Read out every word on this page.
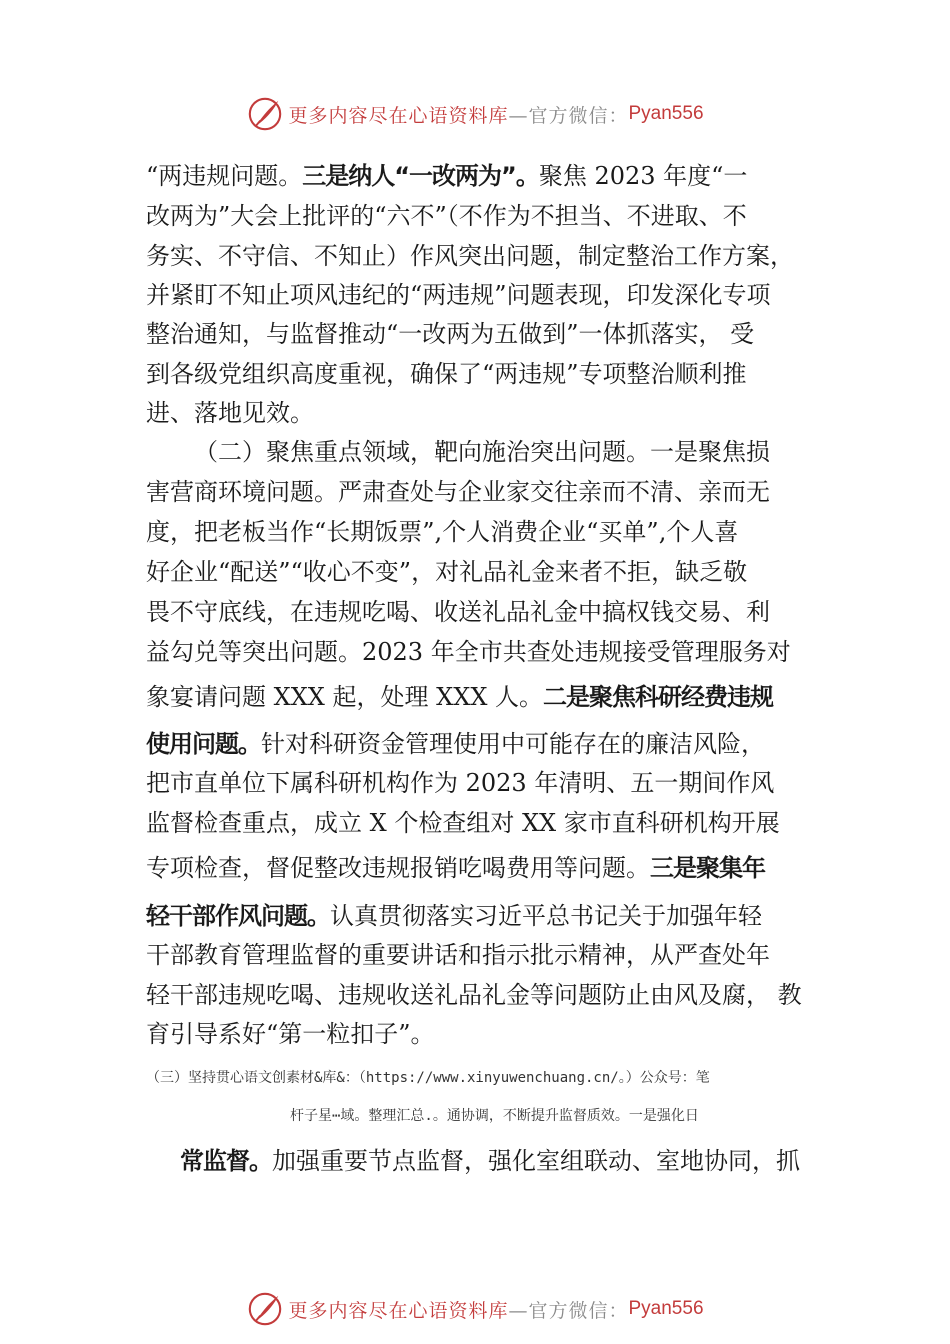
更多内容尽在心语资料库 —官方微信： Pyan556
“两违规问题。三是纳人“一改两为”。聚焦 2023 年度“一
改两为”大会上批评的“六不”（不作为不担当、不进取、不
务实、不守信、不知止）作风突出问题，制定整治工作方案，
并紧盯不知止项风违纪的“两违规”问题表现，印发深化专项
整治通知，与监督推动“一改两为五做到”一体抓落实， 受
到各级党组织高度重视，确保了“两违规”专项整治顺利推
进、落地见效。
（二）聚焦重点领域，靶向施治突出问题。一是聚焦损
害营商环境问题。严肃查处与企业家交往亲而不清、亲而无
度，把老板当作“长期饭票”,个人消费企业“买单”,个人喜
好企业“配送”“收心不变”，对礼品礼金来者不拒，缺乏敬
畏不守底线，在违规吃喝、收送礼品礼金中搞权钱交易、利
益勾兑等突出问题。2023 年全市共查处违规接受管理服务对
象宴请问题 XXX 起，处理 XXX 人。二是聚焦科研经费违规
使用问题。针对科研资金管理使用中可能存在的廉洁风险，
把市直单位下属科研机构作为 2023 年清明、五一期间作风
监督检查重点，成立 X 个检查组对 XX 家市直科研机构开展
专项检查，督促整改违规报销吃喝费用等问题。三是聚集年
轻干部作风问题。认真贯彻落实习近平总书记关于加强年轻
干部教育管理监督的重要讲话和指示批示精神，从严查处年
轻干部违规吃喝、违规收送礼品礼金等问题防止由风及腐， 教
育引导系好“第一粒扣子”。
（三）坚持贯心语文创素材&库&：（https://www.xinyuwenchuang.cn/。）公众号：笔
杆子星⋯域。整理汇总.。通协调，不断提升监督质效。一是强化日
常监督。加强重要节点监督，强化室组联动、室地协同，抓
更多内容尽在心语资料库 —官方微信： Pyan556
